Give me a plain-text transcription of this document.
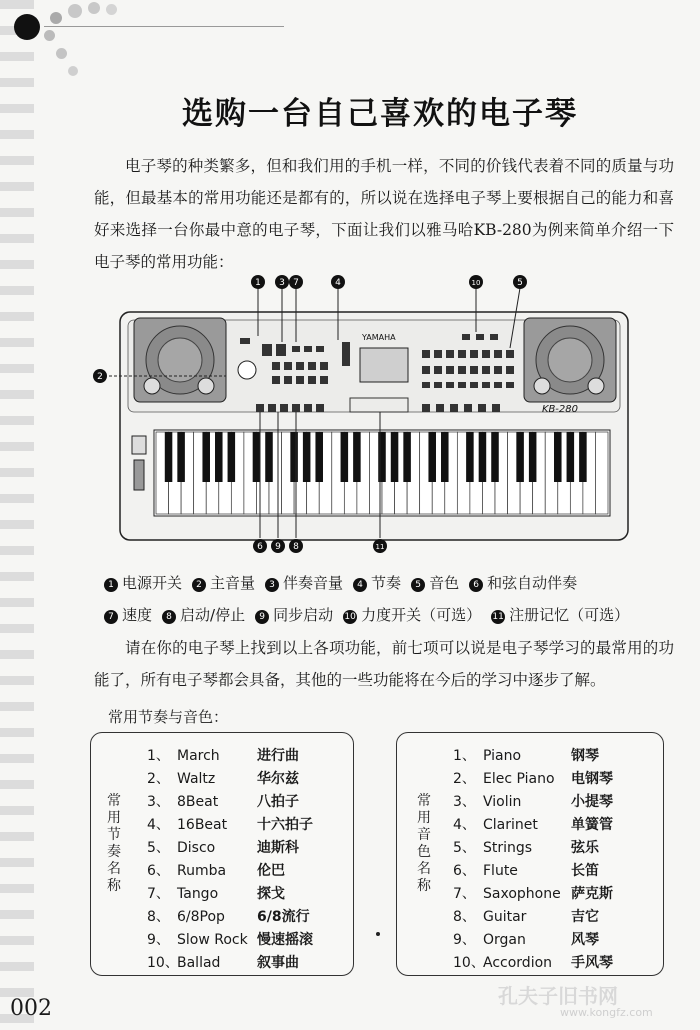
选购一台自己喜欢的电子琴
电子琴的种类繁多，但和我们用的手机一样，不同的价钱代表着不同的质量与功能，但最基本的常用功能还是都有的，所以说在选择电子琴上要根据自己的能力和喜好来选择一台你最中意的电子琴，下面让我们以雅马哈KB-280为例来简单介绍一下电子琴的常用功能：
YAMAHA
KB-280
1
2
3 7	4	10	5
6 9 8	11
1 电源开关 2 主音量 3 伴奏音量 4 节奏 5 音色 6 和弦自动伴奏
7 速度 8 启动/停止 9 同步启动 10 力度开关（可选） 11 注册记忆（可选）
请在你的电子琴上找到以上各项功能，前七项可以说是电子琴学习的最常用的功能了，所有电子琴都会具备，其他的一些功能将在今后的学习中逐步了解。
常用节奏与音色：
常
用
节
奏
名
称
1、 March	进行曲
2、 Waltz	华尔兹
3、 8Beat	八拍子
4、 16Beat 十六拍子
5、 Disco	迪斯科
6、 Rumba 伦巴
7、 Tango	探戈
8、 6/8Pop 6/8流行
9、 Slow Rock 慢速摇滚
10、Ballad	叙事曲
常
用
音
色
名
称
1、 Piano	钢琴
2、 Elec Piano 电钢琴
3、 Violin	小提琴
4、 Clarinet 单簧管
5、 Strings	弦乐
6、 Flute	长笛
7、 Saxophone 萨克斯
8、 Guitar	吉它
9、 Organ	风琴
10、Accordion 手风琴
002	孔夫子旧书网
www.kongfz.com
